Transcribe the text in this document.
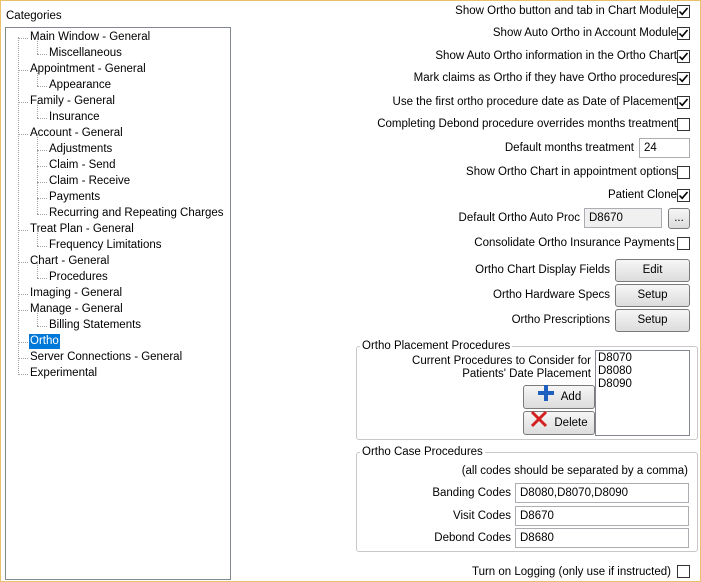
Categories
Main Window - General
Miscellaneous
Appointment - General
Appearance
Family - General
Insurance
Account - General
Adjustments
Claim - Send
Claim - Receive
Payments
Recurring and Repeating Charges
Treat Plan - General
Frequency Limitations
Chart - General
Procedures
Imaging - General
Manage - General
Billing Statements
Ortho
Server Connections - General
Experimental
Show Ortho button and tab in Chart Module
Show Auto Ortho in Account Module
Show Auto Ortho information in the Ortho Chart
Mark claims as Ortho if they have Ortho procedures
Use the first ortho procedure date as Date of Placement
Completing Debond procedure overrides months treatment
Default months treatment 24
Show Ortho Chart in appointment options
Patient Clone
Default Ortho Auto Proc D8670	...
Consolidate Ortho Insurance Payments
Ortho Chart Display Fields	Edit
Ortho Hardware Specs	Setup
Ortho Prescriptions	Setup
Ortho Placement Procedures
Current Procedures to Consider for
Patients' Date Placement
D8070
D8080
D8090
Add
Delete
Ortho Case Procedures
(all codes should be separated by a comma)
Banding Codes D8080,D8070,D8090
Visit Codes D8670
Debond Codes D8680
Turn on Logging (only use if instructed)
